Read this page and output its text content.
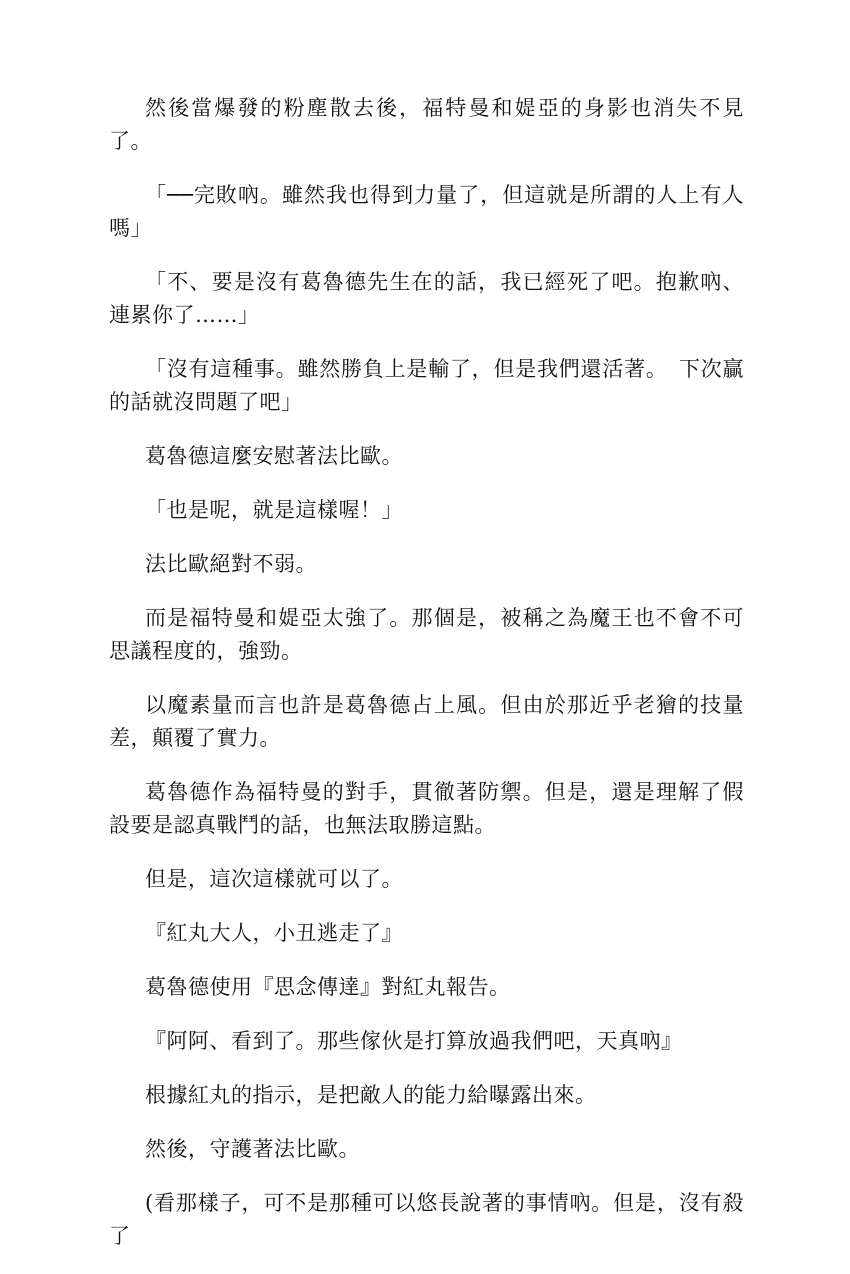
然後當爆發的粉塵散去後，福特曼和媞亞的身影也消失不見了。

「──完敗吶。雖然我也得到力量了，但這就是所謂的人上有人嗎」

「不、要是沒有葛魯德先生在的話，我已經死了吧。抱歉吶、連累你了……」

「沒有這種事。雖然勝負上是輸了，但是我們還活著。　下次贏的話就沒問題了吧」

葛魯德這麼安慰著法比歐。

「也是呢，就是這樣喔！」

法比歐絕對不弱。

而是福特曼和媞亞太強了。那個是，被稱之為魔王也不會不可思議程度的，強勁。

以魔素量而言也許是葛魯德占上風。但由於那近乎老獪的技量差，顛覆了實力。

葛魯德作為福特曼的對手，貫徹著防禦。但是，還是理解了假設要是認真戰鬥的話，也無法取勝這點。

但是，這次這樣就可以了。

『紅丸大人，小丑逃走了』

葛魯德使用『思念傳達』對紅丸報告。

『阿阿、看到了。那些傢伙是打算放過我們吧，天真吶』

根據紅丸的指示，是把敵人的能力給曝露出來。

然後，守護著法比歐。

(看那樣子，可不是那種可以悠長說著的事情吶。但是，沒有殺了
